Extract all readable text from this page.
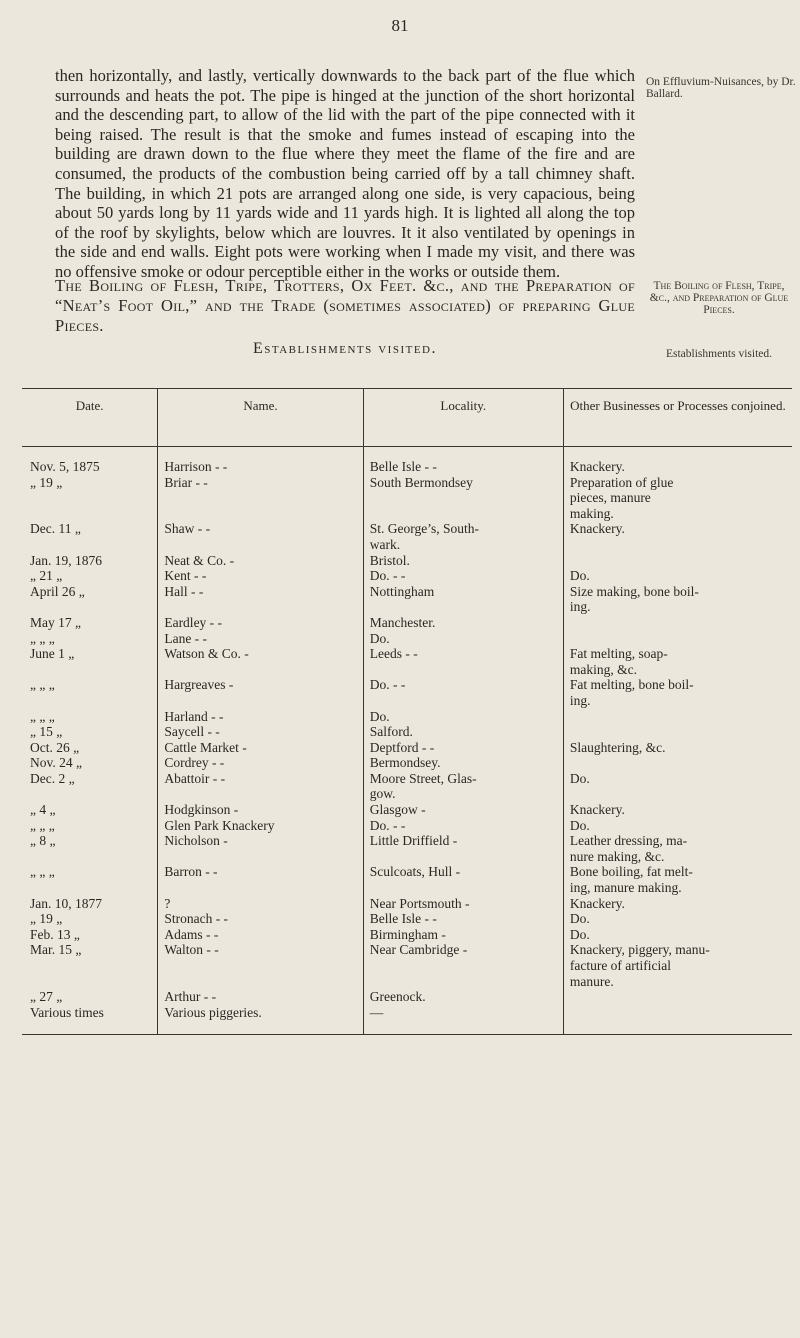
81
then horizontally, and lastly, vertically downwards to the back part of the flue which surrounds and heats the pot. The pipe is hinged at the junction of the short horizontal and the descending part, to allow of the lid with the part of the pipe connected with it being raised. The result is that the smoke and fumes instead of escaping into the building are drawn down to the flue where they meet the flame of the fire and are consumed, the products of the combustion being carried off by a tall chimney shaft. The building, in which 21 pots are arranged along one side, is very capacious, being about 50 yards long by 11 yards wide and 11 yards high. It is lighted all along the top of the roof by skylights, below which are louvres. It it also ventilated by openings in the side and end walls. Eight pots were working when I made my visit, and there was no offensive smoke or odour perceptible either in the works or outside them.
On Effluvium-Nuisances, by Dr. Ballard.
The Boiling of Flesh, Tripe, Trotters, Ox Feet. &c., and the Preparation of “Neat’s Foot Oil,” and the Trade (sometimes associated) of preparing Glue Pieces.
The Boiling of Flesh, Tripe, &c., and Preparation of Glue Pieces.
Establishments visited.	Establishments visited.
Date.	Name.	Locality.	Other Businesses or Processes conjoined.
Nov. 5, 1875	Harrison - -	Belle Isle - -	Knackery.
„ 19 „	Briar - -	South Bermondsey	Preparation of glue
			pieces, manure
			making.
Dec. 11 „	Shaw - -	St. George’s, South-	Knackery.
		wark.	
Jan. 19, 1876	Neat & Co. -	Bristol.	
„ 21 „	Kent - -	Do. - -	Do.
April 26 „	Hall - -	Nottingham	Size making, bone boil-
			ing.
May 17 „	Eardley - -	Manchester.	
„ „ „	Lane - -	Do.	
June 1 „	Watson & Co. -	Leeds - -	Fat melting, soap-
			making, &c.
„ „ „	Hargreaves -	Do. - -	Fat melting, bone boil-
			ing.
„ „ „	Harland - -	Do.	
„ 15 „	Saycell - -	Salford.	
Oct. 26 „	Cattle Market -	Deptford - -	Slaughtering, &c.
Nov. 24 „	Cordrey - -	Bermondsey.	
Dec. 2 „	Abattoir - -	Moore Street, Glas-	Do.
		gow.	
„ 4 „	Hodgkinson -	Glasgow -	Knackery.
„ „ „	Glen Park Knackery	Do. - -	Do.
„ 8 „	Nicholson -	Little Driffield -	Leather dressing, ma-
			nure making, &c.
„ „ „	Barron - -	Sculcoats, Hull -	Bone boiling, fat melt-
			ing, manure making.
Jan. 10, 1877	?	Near Portsmouth -	Knackery.
„ 19 „	Stronach - -	Belle Isle - -	Do.
Feb. 13 „	Adams - -	Birmingham -	Do.
Mar. 15 „	Walton - -	Near Cambridge -	Knackery, piggery, manu-
			facture of artificial
			manure.
„ 27 „	Arthur - -	Greenock.	
Various times	Various piggeries.	—	
